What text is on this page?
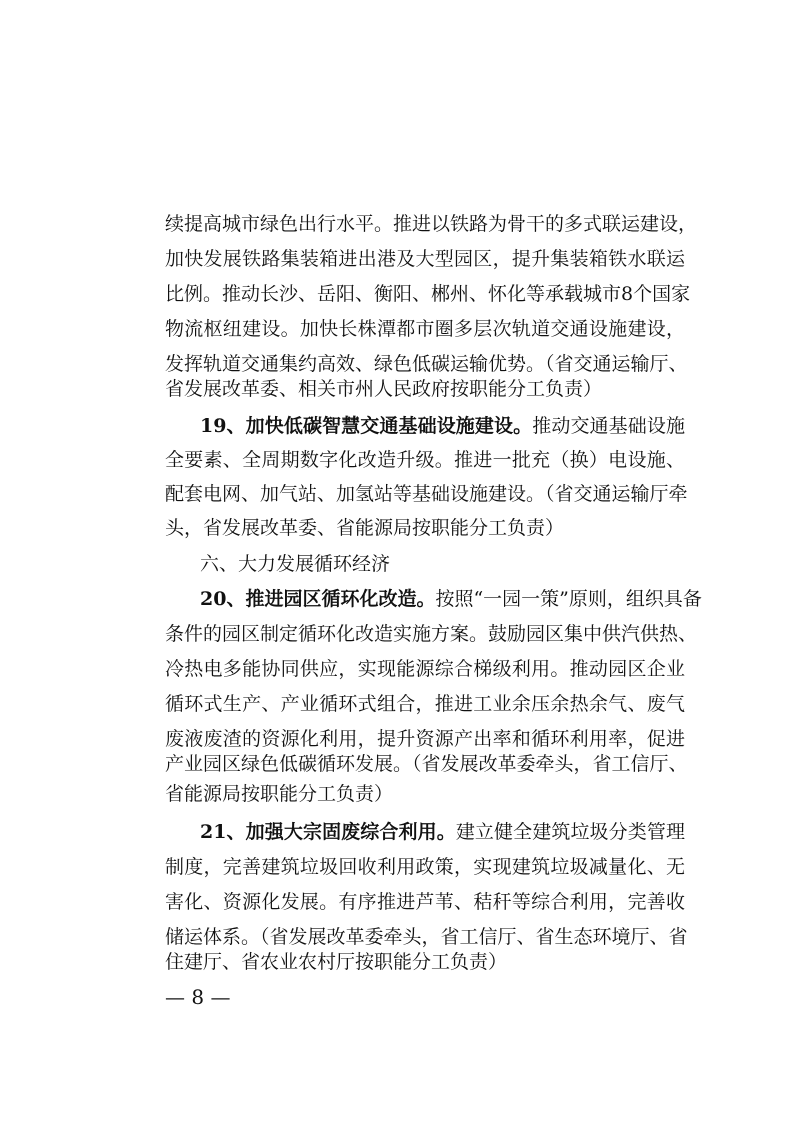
续提高城市绿色出行水平。推进以铁路为骨干的多式联运建设，
加快发展铁路集装箱进出港及大型园区，提升集装箱铁水联运
比例。推动长沙、岳阳、衡阳、郴州、怀化等承载城市8个国家
物流枢纽建设。加快长株潭都市圈多层次轨道交通设施建设，
发挥轨道交通集约高效、绿色低碳运输优势。（省交通运输厅、
省发展改革委、相关市州人民政府按职能分工负责）
19、加快低碳智慧交通基础设施建设。推动交通基础设施
全要素、全周期数字化改造升级。推进一批充（换）电设施、
配套电网、加气站、加氢站等基础设施建设。（省交通运输厅牵
头，省发展改革委、省能源局按职能分工负责）
六、大力发展循环经济
20、推进园区循环化改造。按照“一园一策”原则，组织具备
条件的园区制定循环化改造实施方案。鼓励园区集中供汽供热、
冷热电多能协同供应，实现能源综合梯级利用。推动园区企业
循环式生产、产业循环式组合，推进工业余压余热余气、废气
废液废渣的资源化利用，提升资源产出率和循环利用率，促进
产业园区绿色低碳循环发展。（省发展改革委牵头，省工信厅、
省能源局按职能分工负责）
21、加强大宗固废综合利用。建立健全建筑垃圾分类管理
制度，完善建筑垃圾回收利用政策，实现建筑垃圾减量化、无
害化、资源化发展。有序推进芦苇、秸秆等综合利用，完善收
储运体系。（省发展改革委牵头，省工信厅、省生态环境厅、省
住建厅、省农业农村厅按职能分工负责）
— 8 —
